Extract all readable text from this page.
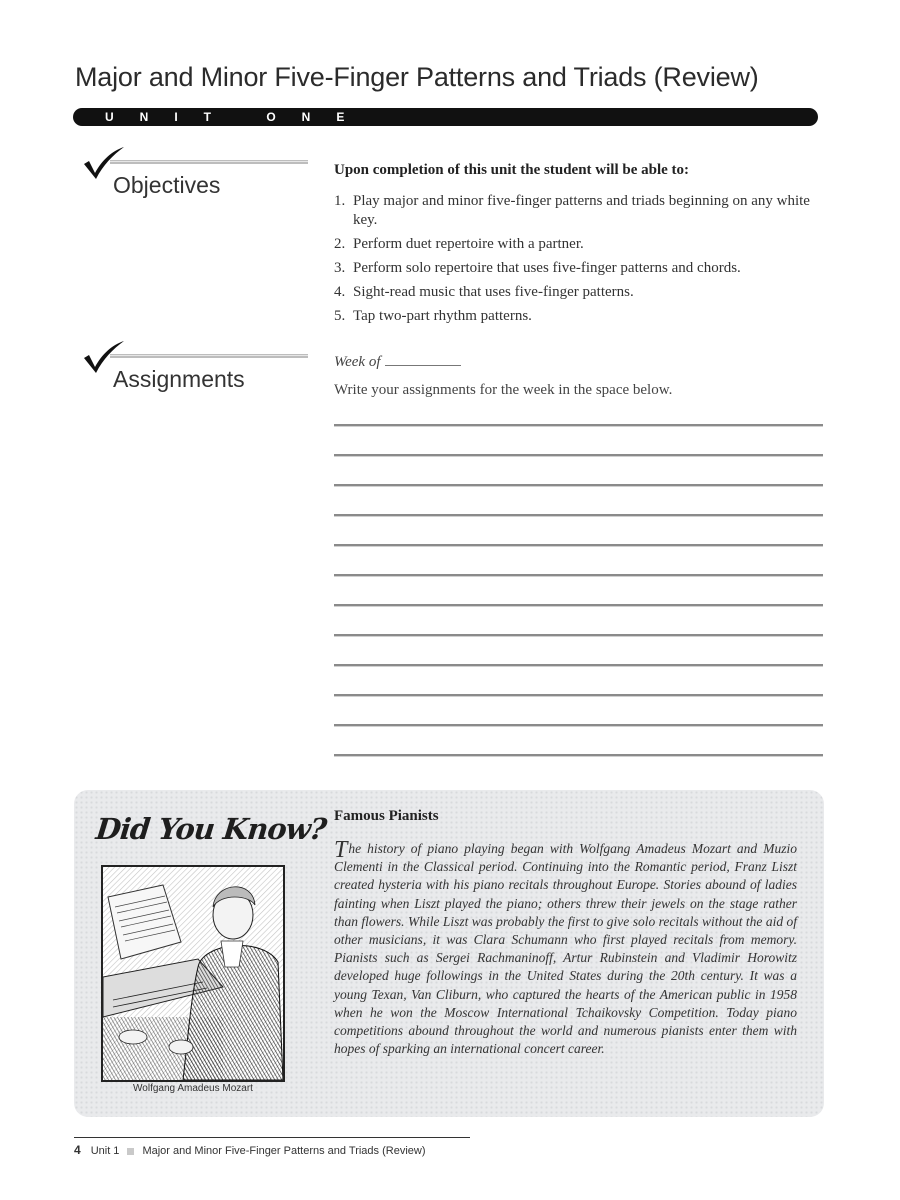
Major and Minor Five-Finger Patterns and Triads (Review)
UNIT ONE
Objectives
Upon completion of this unit the student will be able to:
1. Play major and minor five-finger patterns and triads beginning on any white key.
2. Perform duet repertoire with a partner.
3. Perform solo repertoire that uses five-finger patterns and chords.
4. Sight-read music that uses five-finger patterns.
5. Tap two-part rhythm patterns.
Assignments
Week of
Write your assignments for the week in the space below.
Did You Know?
Wolfgang Amadeus Mozart
Famous Pianists

The history of piano playing began with Wolfgang Amadeus Mozart and Muzio Clementi in the Classical period. Continuing into the Romantic period, Franz Liszt created hysteria with his piano recitals throughout Europe. Stories abound of ladies fainting when Liszt played the piano; others threw their jewels on the stage rather than flowers. While Liszt was probably the first to give solo recitals without the aid of other musicians, it was Clara Schumann who first played recitals from memory. Pianists such as Sergei Rachmaninoff, Artur Rubinstein and Vladimir Horowitz developed huge followings in the United States during the 20th century. It was a young Texan, Van Cliburn, who captured the hearts of the American public in 1958 when he won the Moscow International Tchaikovsky Competition. Today piano competitions abound throughout the world and numerous pianists enter them with hopes of sparking an international concert career.

4 Unit 1 Major and Minor Five-Finger Patterns and Triads (Review)
